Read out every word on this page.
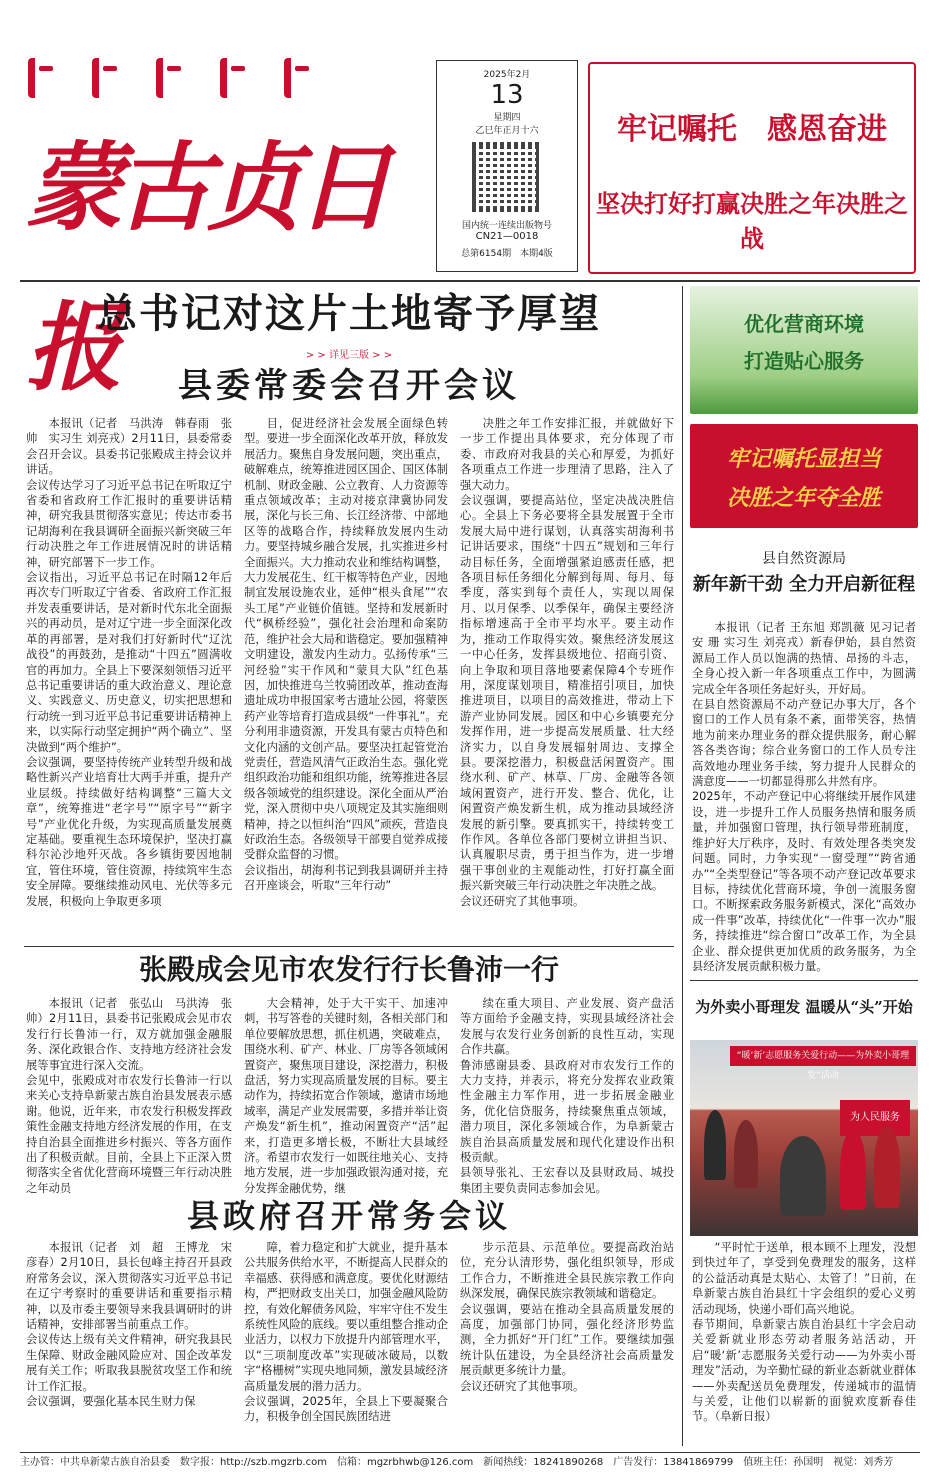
蒙古贞日报
2025年2月
13
星期四
乙巳年正月十六
国内统一连续出版物号
CN21—0018
总第6154期　本期4版
牢记嘱托　感恩奋进
坚决打好打赢决胜之年决胜之战
总书记对这片土地寄予厚望
> > 详见三版 > >
县委常委会召开会议

本报讯（记者　马洪涛　韩春雨　张　帅　实习生 刘亮戎）2月11日，县委常委会召开会议。县委书记张殿成主持会议并讲话。
会议传达学习了习近平总书记在听取辽宁省委和省政府工作汇报时的重要讲话精神，研究我县贯彻落实意见；传达市委书记胡海利在我县调研全面振兴新突破三年行动决胜之年工作进展情况时的讲话精神，研究部署下一步工作。
会议指出，习近平总书记在时隔12年后再次专门听取辽宁省委、省政府工作汇报并发表重要讲话，是对新时代东北全面振兴的再动员，是对辽宁进一步全面深化改革的再部署，是对我们打好新时代“辽沈战役”的再鼓劲，是推动“十四五”圆满收官的再加力。全县上下要深刻领悟习近平总书记重要讲话的重大政治意义、理论意义、实践意义、历史意义，切实把思想和行动统一到习近平总书记重要讲话精神上来，以实际行动坚定拥护“两个确立”、坚决做到“两个维护”。
会议强调，要坚持传统产业转型升级和战略性新兴产业培育壮大两手并重，提升产业层级。持续做好结构调整“三篇大文章”，统筹推进“老字号”“原字号”“新字号”产业优化升级，为实现高质量发展奠定基础。要重视生态环境保护，坚决打赢科尔沁沙地歼灭战。各乡镇街要因地制宜，管住环境，管住资源，持续筑牢生态安全屏障。要继续推动风电、光伏等多元发展，积极向上争取更多项

目，促进经济社会发展全面绿色转型。要进一步全面深化改革开放，释放发展活力。聚焦自身发展问题，突出重点，破解难点，统筹推进园区国企、国区体制机制、财政金融、公立教育、人力资源等重点领域改革；主动对接京津冀协同发展，深化与长三角、长江经济带、中部地区等的战略合作，持续释放发展内生动力。要坚持城乡融合发展，扎实推进乡村全面振兴。大力推动农业和维结构调整，大力发展花生、红干椒等特色产业，因地制宜发展设施农业，延伸“根头食尾”“农头工尾”产业链价值链。坚持和发展新时代“枫桥经验”，强化社会治理和命案防范，维护社会大局和谐稳定。要加强精神文明建设，激发内生动力。弘扬传承“三河经验”实干作风和“蒙貝大队”红色基因，加快推进乌兰牧骑团改革，推动查海遗址成功申报国家考古遗址公园，将蒙医药产业等培育打造成县级“一件事礼”。充分利用非遗资源，开发具有蒙古贞特色和文化内涵的文创产品。要坚决扛起管党治党责任，营造风清气正政治生态。强化党组织政治功能和组织功能，统筹推进各层级各领域党的组织建设。深化全面从严治党，深入贯彻中央八项规定及其实施细则精神，持之以恒纠治“四风”顽疾，营造良好政治生态。各级领导干部要自觉养成接受群众监督的习惯。
会议指出，胡海利书记到我县调研并主持召开座谈会，听取“三年行动”

决胜之年工作安排汇报，并就做好下一步工作提出具体要求，充分体现了市委、市政府对我县的关心和厚爱，为抓好各项重点工作进一步理清了思路，注入了强大动力。
会议强调，要提高站位，坚定决战决胜信心。全县上下务必要将全县发展置于全市发展大局中进行谋划，认真落实胡海利书记讲话要求，围绕“十四五”规划和三年行动目标任务，全面增强紧迫感责任感，把各项目标任务细化分解到每周、每月、每季度，落实到每个责任人，实现以周保月、以月保季、以季保年，确保主要经济指标增速高于全市平均水平。要主动作为，推动工作取得实效。聚焦经济发展这一中心任务，发挥县级地位、招商引资、向上争取和项目落地要素保障4个专班作用，深度谋划项目，精准招引项目，加快推进项目，以项目的高效推进，带动上下游产业协同发展。园区和中心乡镇要充分发挥作用，进一步提高发展质量、壮大经济实力，以自身发展辐射周边、支撑全县。要深挖潜力，积极盘活闲置资产。围绕水利、矿产、林草、厂房、金融等各领域闲置资产，进行开发、整合、优化，让闲置资产焕发新生机，成为推动县域经济发展的新引擎。要真抓实干，持续转变工作作风。各单位各部门要树立讲担当识、认真履职尽责，勇于担当作为，进一步增强干事创业的主观能动性，打好打赢全面振兴新突破三年行动决胜之年决胜之战。
会议还研究了其他事项。

张殿成会见市农发行行长鲁沛一行

本报讯（记者　张弘山　马洪涛　张　帅）2月11日，县委书记张殿成会见市农发行行长鲁沛一行，双方就加强金融服务、深化政银合作、支持地方经济社会发展等事宜进行深入交流。
会见中，张殿成对市农发行长鲁沛一行以来关心支持阜新蒙古族自治县发展表示感谢。他说，近年来，市农发行积极发挥政策性金融支持地方经济发展的作用，在支持自治县全面推进乡村振兴、等各方面作出了积极贡献。目前，全县上下正深入贯彻落实全省优化营商环境暨三年行动决胜之年动员

大会精神，处于大干实干、加速冲刺，书写答卷的关键时刻，各相关部门和单位要解放思想，抓住机遇，突破难点，围绕水利、矿产、林业、厂房等各领域闲置资产，聚焦项目建设，深挖潜力，积极盘活，努力实现高质量发展的目标。要主动作为，持续拓宽合作领域，邀请市场地域率，满足产业发展需要，多措并举让资产焕发“新生机”，推动闲置资产“活”起来，打造更多增长极，不断壮大县域经济。希望市农发行一如既往地关心、支持地方发展，进一步加强政银沟通对接，充分发挥金融优势，继

续在重大项目、产业发展、资产盘活等方面给予金融支持，实现县域经济社会发展与农发行业务创新的良性互动，实现合作共赢。
鲁沛感谢县委、县政府对市农发行工作的大力支持，并表示，将充分发挥农业政策性金融主力军作用，进一步拓展金融业务，优化信贷服务，持续聚焦重点领域，潜力项目，深化多领域合作，为阜新蒙古族自治县高质量发展和现代化建设作出积极贡献。
县领导张礼、王宏春以及县财政局、城投集团主要负责同志参加会见。

县政府召开常务会议

本报讯（记者　刘　超　王博龙　宋彦春）2月10日，县长包峰主持召开县政府常务会议，深入贯彻落实习近平总书记在辽宁考察时的重要讲话和重要指示精神，以及市委主要领导来我县调研时的讲话精神，安排部署当前重点工作。
会议传达上级有关文件精神，研究我县民生保障、财政金融风险应对、国企改革发展有关工作；听取我县脱贫攻坚工作和统计工作汇报。
会议强调，要强化基本民生财力保

障，着力稳定和扩大就业，提升基本公共服务供给水平，不断提高人民群众的幸福感、获得感和满意度。要优化财源结构，严把财政支出关口，加强金融风险防控，有效化解债务风险，牢牢守住不发生系统性风险的底线。要以重组整合推动企业活力，以权力下放提升内部管理水平，以“三项制度改革”实现破冰破局，以数字“格栅树”实现央地同频，激发县域经济高质量发展的潜力活力。
会议强调，2025年，全县上下要凝聚合力，积极争创全国民族团结进

步示范县、示范单位。要提高政治站位，充分认清形势，强化组织领导，形成工作合力，不断推进全县民族宗教工作向纵深发展，确保民族宗教领域和谐稳定。
会议强调，要站在推动全县高质量发展的高度，加强部门协同，强化经济形势监测，全力抓好“开门红”工作。要继续加强统计队伍建设，为全县经济社会高质量发展贡献更多统计力量。
会议还研究了其他事项。

优化营商环境
打造贴心服务
牢记嘱托显担当
决胜之年夺全胜
县自然资源局
新年新干劲 全力开启新征程

本报讯（记者 王东旭 郑凯薇 见习记者 安 珊 实习生 刘亮戎）新春伊始，县自然资源局工作人员以饱满的热情、昂扬的斗志，全身心投入新一年各项重点工作中，为圆满完成全年各项任务起好头，开好局。
在县自然资源局不动产登记办事大厅，各个窗口的工作人员有条不紊，面带笑容，热情地为前来办理业务的群众提供服务，耐心解答各类咨询；综合业务窗口的工作人员专注高效地办理业务手续，努力提升人民群众的满意度——一切都显得那么井然有序。
2025年，不动产登记中心将继续开展作风建设，进一步提升工作人员服务热情和服务质量，并加强窗口管理，执行领导带班制度，维护好大厅秩序，及时、有效处理各类突发问题。同时，力争实现“一窗受理”“跨省通办”“全类型登记”等各项不动产登记改革要求目标，持续优化营商环境，争创一流服务窗口。不断探索政务服务新模式，深化“高效办成一件事”改革，持续优化“一件事一次办”服务，持续推进“综合窗口”改革工作，为全县企业、群众提供更加优质的政务服务，为全县经济发展贡献积极力量。

为外卖小哥理发 温暖从“头”开始
“暖‘新’志愿服务关爱行动——为外卖小哥理发”活动
为人民服务

“平时忙于送单，根本顾不上理发，没想到快过年了，享受到免费理发的服务，这样的公益活动真是太贴心、太管了！”日前，在阜新蒙古族自治县红十字会组织的爱心义剪活动现场，快递小哥们高兴地说。
春节期间，阜新蒙古族自治县红十字会启动关爱新就业形态劳动者服务站活动，开启“暖‘新’志愿服务关爱行动——为外卖小哥理发”活动，为辛勤忙碌的新业态新就业群体——外卖配送员免费理发，传递城市的温情与关爱，让他们以崭新的面貌欢度新春佳节。（阜新日报）

主办管：中共阜新蒙古族自治县委　数字报：http://szb.mgzrb.com　信箱：mgzrbhwb@126.com　新闻热线：18241890268　广告发行：13841869799　值班主任：孙国明　视觉：刘秀芳
